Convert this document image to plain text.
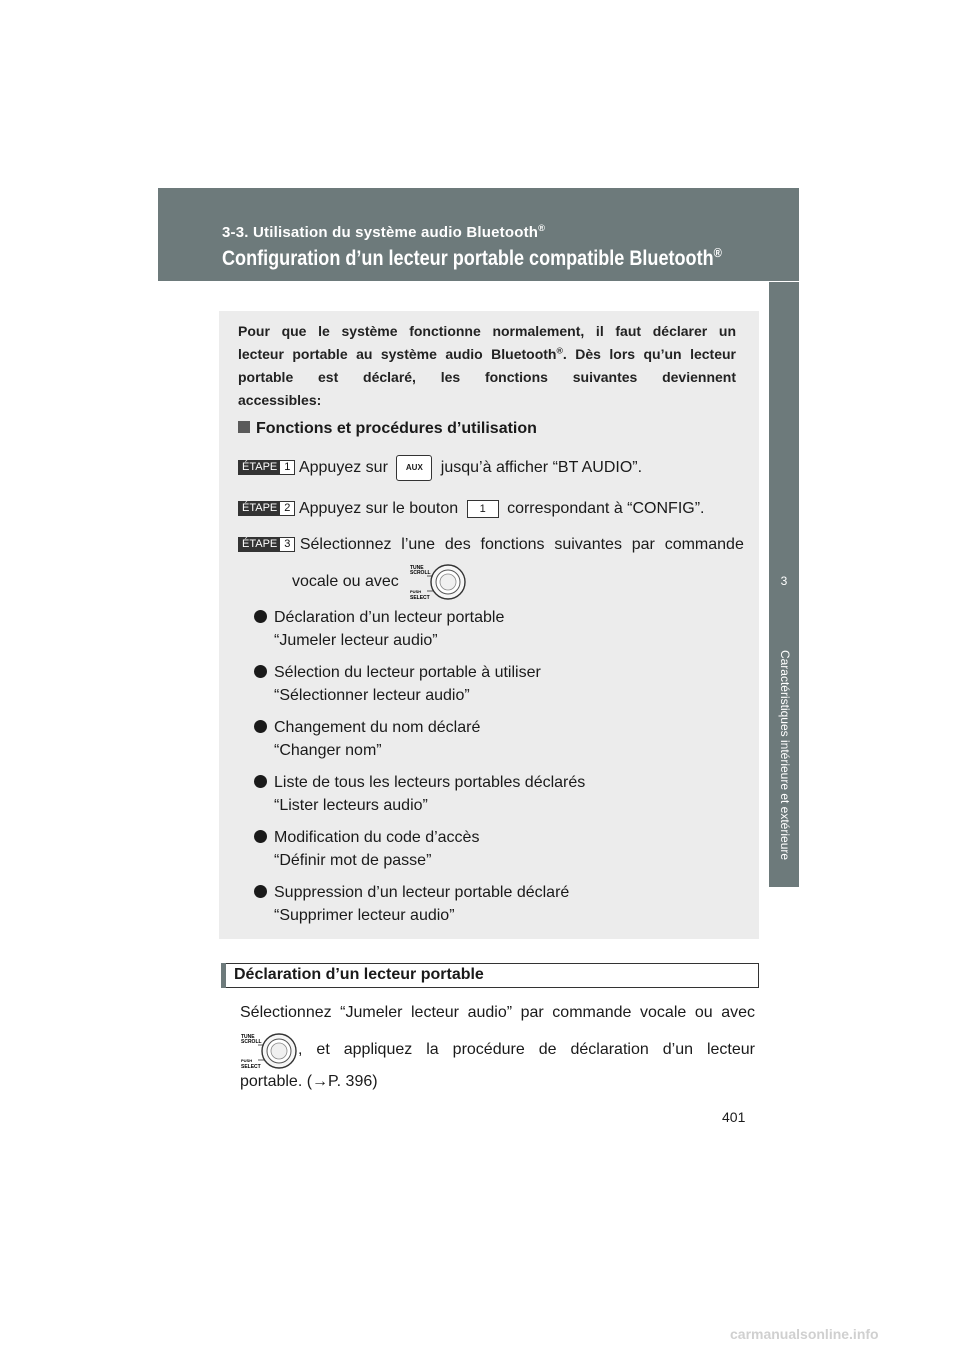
3-3. Utilisation du système audio Bluetooth®
Configuration d’un lecteur portable compatible Bluetooth®
3
Caractéristiques intérieure et extérieure
Pour que le système fonctionne normalement, il faut déclarer un
lecteur portable au système audio Bluetooth®. Dès lors qu’un lecteur
portable est déclaré, les fonctions suivantes deviennent
accessibles:
Fonctions et procédures d’utilisation
ÉTAPE 1 Appuyez sur AUX jusqu’à afficher “BT AUDIO”.
ÉTAPE 2 Appuyez sur le bouton 1 correspondant à “CONFIG”.
ÉTAPE 3 Sélectionnez l’une des fonctions suivantes par commande
vocale ou avec
TUNE
SCROLL
PUSH
SELECT
Déclaration d’un lecteur portable
“Jumeler lecteur audio”
Sélection du lecteur portable à utiliser
“Sélectionner lecteur audio”
Changement du nom déclaré
“Changer nom”
Liste de tous les lecteurs portables déclarés
“Lister lecteurs audio”
Modification du code d’accès
“Définir mot de passe”
Suppression d’un lecteur portable déclaré
“Supprimer lecteur audio”
Déclaration d’un lecteur portable
Sélectionnez “Jumeler lecteur audio” par commande vocale ou avec
TUNE
SCROLL
PUSH
SELECT
, et appliquez la procédure de déclaration d’un lecteur
portable. (→P. 396)
401
carmanualsonline.info
